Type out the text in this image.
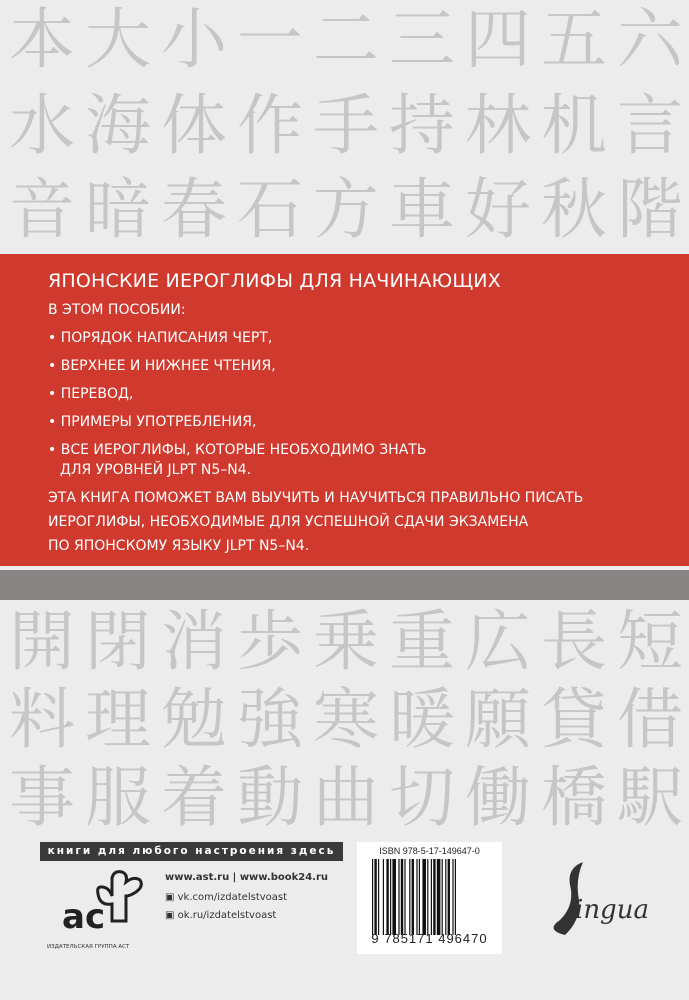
本 大 小 一 二 三 四 五 六
水 海 体 作 手 持 林 机 言
音 暗 春 石 方 車 好 秋 階
開 閉 消 歩 乗 重 広 長 短
料 理 勉 強 寒 暖 願 貸 借
事 服 着 動 曲 切 働 橋 駅
ЯПОНСКИЕ ИЕРОГЛИФЫ ДЛЯ НАЧИНАЮЩИХ
В ЭТОМ ПОСОБИИ:
• ПОРЯДОК НАПИСАНИЯ ЧЕРТ,
• ВЕРХНЕЕ И НИЖНЕЕ ЧТЕНИЯ,
• ПЕРЕВОД,
• ПРИМЕРЫ УПОТРЕБЛЕНИЯ,
• ВСЕ ИЕРОГЛИФЫ, КОТОРЫЕ НЕОБХОДИМО ЗНАТЬ
ДЛЯ УРОВНЕЙ JLPT N5–N4.
ЭТА КНИГА ПОМОЖЕТ ВАМ ВЫУЧИТЬ И НАУЧИТЬСЯ ПРАВИЛЬНО ПИСАТЬ
ИЕРОГЛИФЫ, НЕОБХОДИМЫЕ ДЛЯ УСПЕШНОЙ СДАЧИ ЭКЗАМЕНА
ПО ЯПОНСКОМУ ЯЗЫКУ JLPT N5–N4.
книги для любого настроения здесь
ac
ИЗДАТЕЛЬСКАЯ ГРУППА АСТ
www.ast.ru | www.book24.ru
▣ vk.com/izdatelstvoast
▣ ok.ru/izdatelstvoast
ISBN 978-5-17-149647-0
9 785171 496470
ingua
